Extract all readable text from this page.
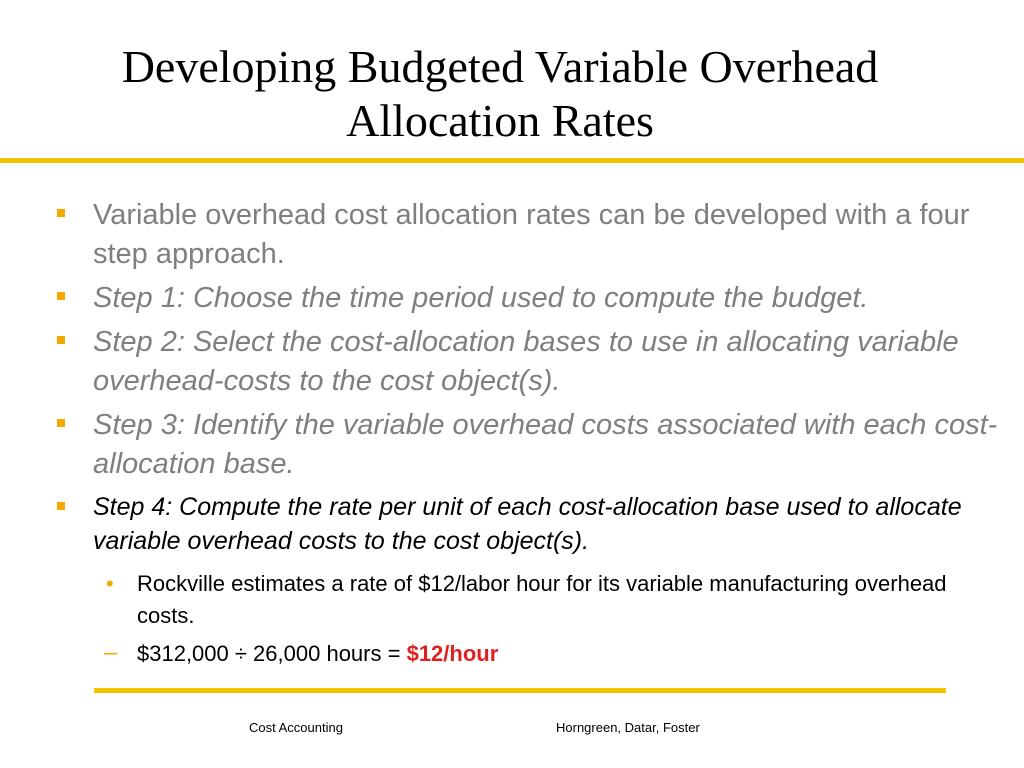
Developing Budgeted Variable Overhead
Allocation Rates
Variable overhead cost allocation rates can be developed with a four step approach.
Step 1: Choose the time period used to compute the budget.
Step 2: Select the cost-allocation bases to use in allocating variable overhead-costs to the cost object(s).
Step 3: Identify the variable overhead costs associated with each cost-allocation base.
Step 4: Compute the rate per unit of each cost-allocation base used to allocate variable overhead costs to the cost object(s).
• Rockville estimates a rate of $12/labor hour for its variable manufacturing overhead costs.
– $312,000 ÷ 26,000 hours = $12/hour
Cost Accounting	Horngreen, Datar, Foster
